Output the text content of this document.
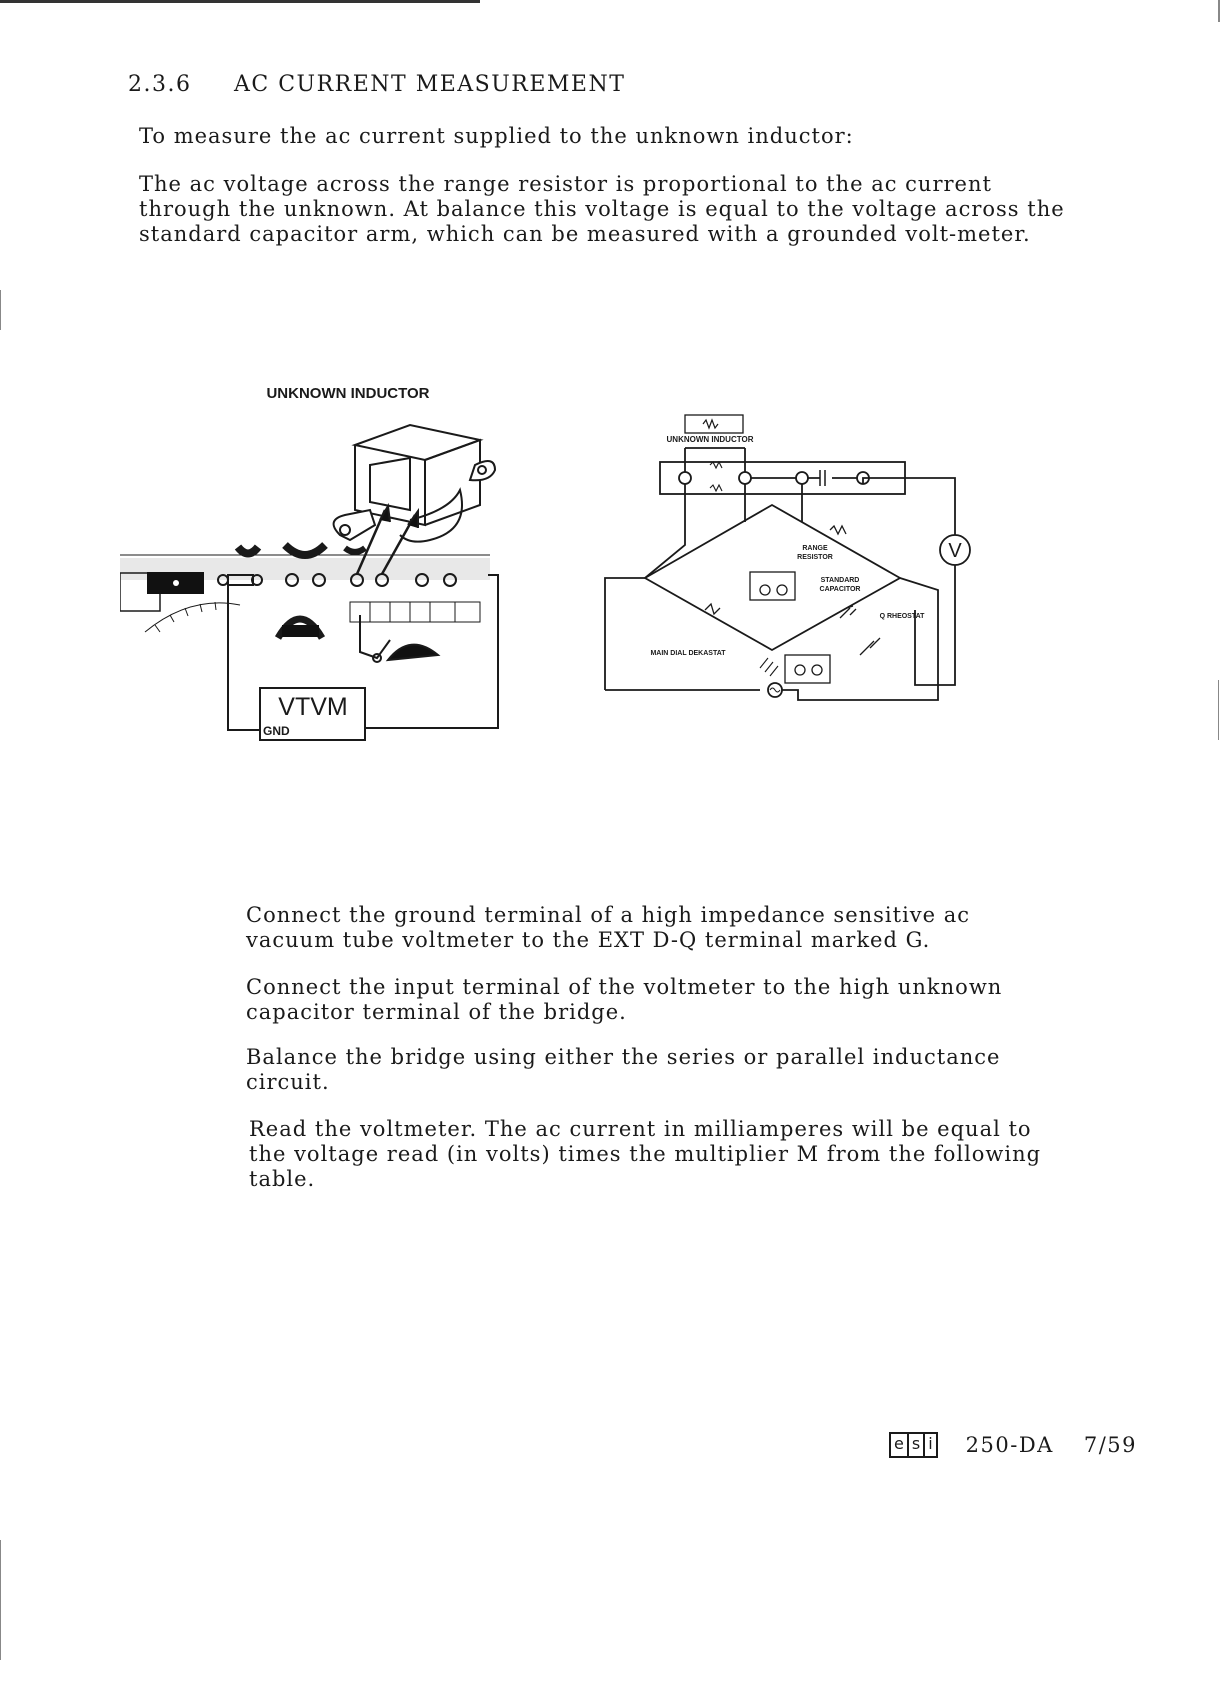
2.3.6 AC CURRENT MEASUREMENT

To measure the ac current supplied to the unknown inductor:

The ac voltage across the range resistor is proportional to the ac current through the unknown. At balance this voltage is equal to the voltage across the standard capacitor arm, which can be measured with a grounded volt-meter.

UNKNOWN INDUCTOR
VTVM
GND
UNKNOWN INDUCTOR
V
RANGE
RESISTOR
STANDARD
CAPACITOR
Q RHEOSTAT
MAIN DIAL DEKASTAT

Connect the ground terminal of a high impedance sensitive ac vacuum tube voltmeter to the EXT D-Q terminal marked G.

Connect the input terminal of the voltmeter to the high unknown capacitor terminal of the bridge.

Balance the bridge using either the series or parallel inductance circuit.

Read the voltmeter. The ac current in milliamperes will be equal to the voltage read (in volts) times the multiplier M from the following table.

e s i 250-DA 7/59
